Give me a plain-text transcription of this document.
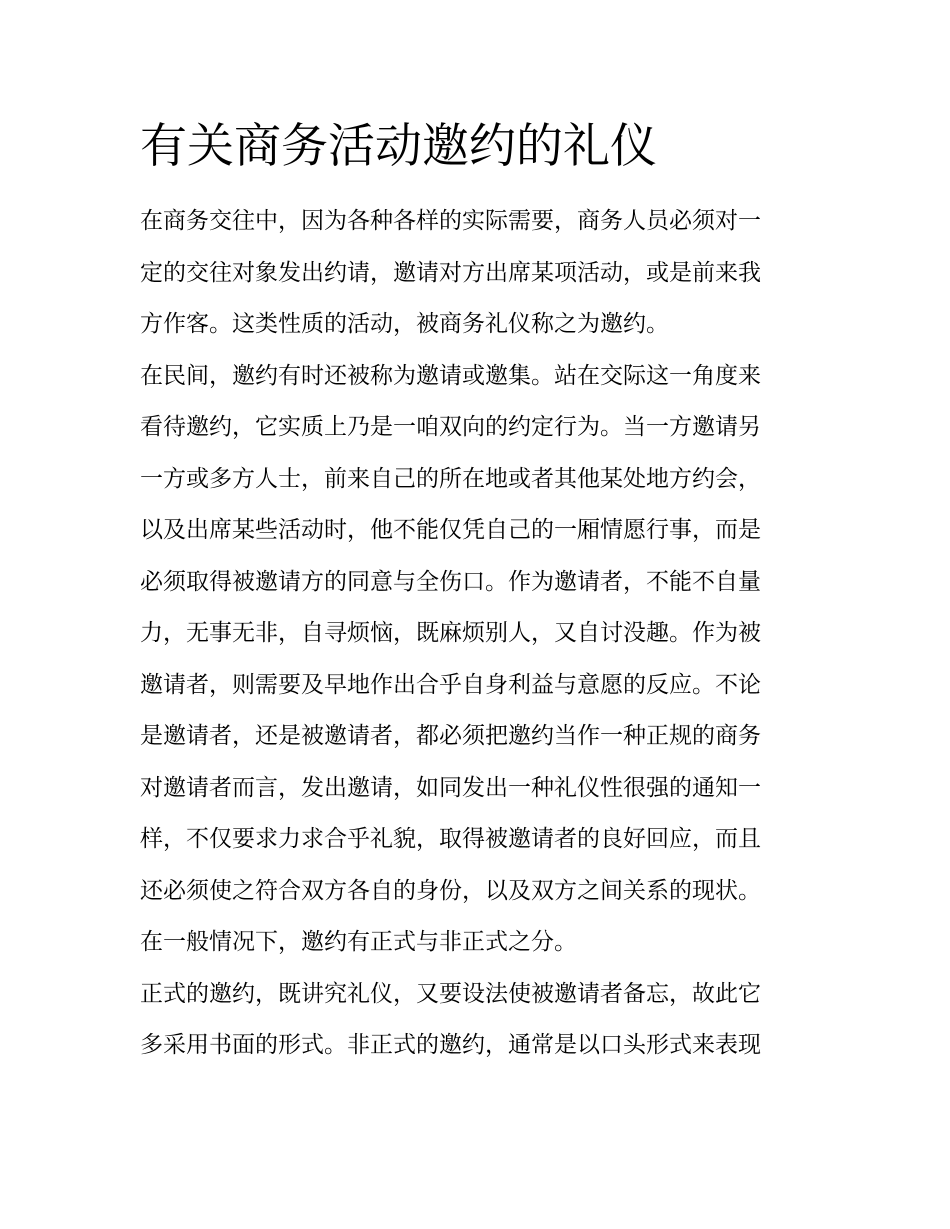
有关商务活动邀约的礼仪

在商务交往中，因为各种各样的实际需要，商务人员必须对一
定的交往对象发出约请，邀请对方出席某项活动，或是前来我
方作客。这类性质的活动，被商务礼仪称之为邀约。

在民间，邀约有时还被称为邀请或邀集。站在交际这一角度来
看待邀约，它实质上乃是一咱双向的约定行为。当一方邀请另
一方或多方人士，前来自己的所在地或者其他某处地方约会，
以及出席某些活动时，他不能仅凭自己的一厢情愿行事，而是
必须取得被邀请方的同意与全伤口。作为邀请者，不能不自量
力，无事无非，自寻烦恼，既麻烦别人，又自讨没趣。作为被
邀请者，则需要及早地作出合乎自身利益与意愿的反应。不论
是邀请者，还是被邀请者，都必须把邀约当作一种正规的商务

对邀请者而言，发出邀请，如同发出一种礼仪性很强的通知一
样，不仅要求力求合乎礼貌，取得被邀请者的良好回应，而且
还必须使之符合双方各自的身份，以及双方之间关系的现状。

在一般情况下，邀约有正式与非正式之分。

正式的邀约，既讲究礼仪，又要设法使被邀请者备忘，故此它
多采用书面的形式。非正式的邀约，通常是以口头形式来表现
